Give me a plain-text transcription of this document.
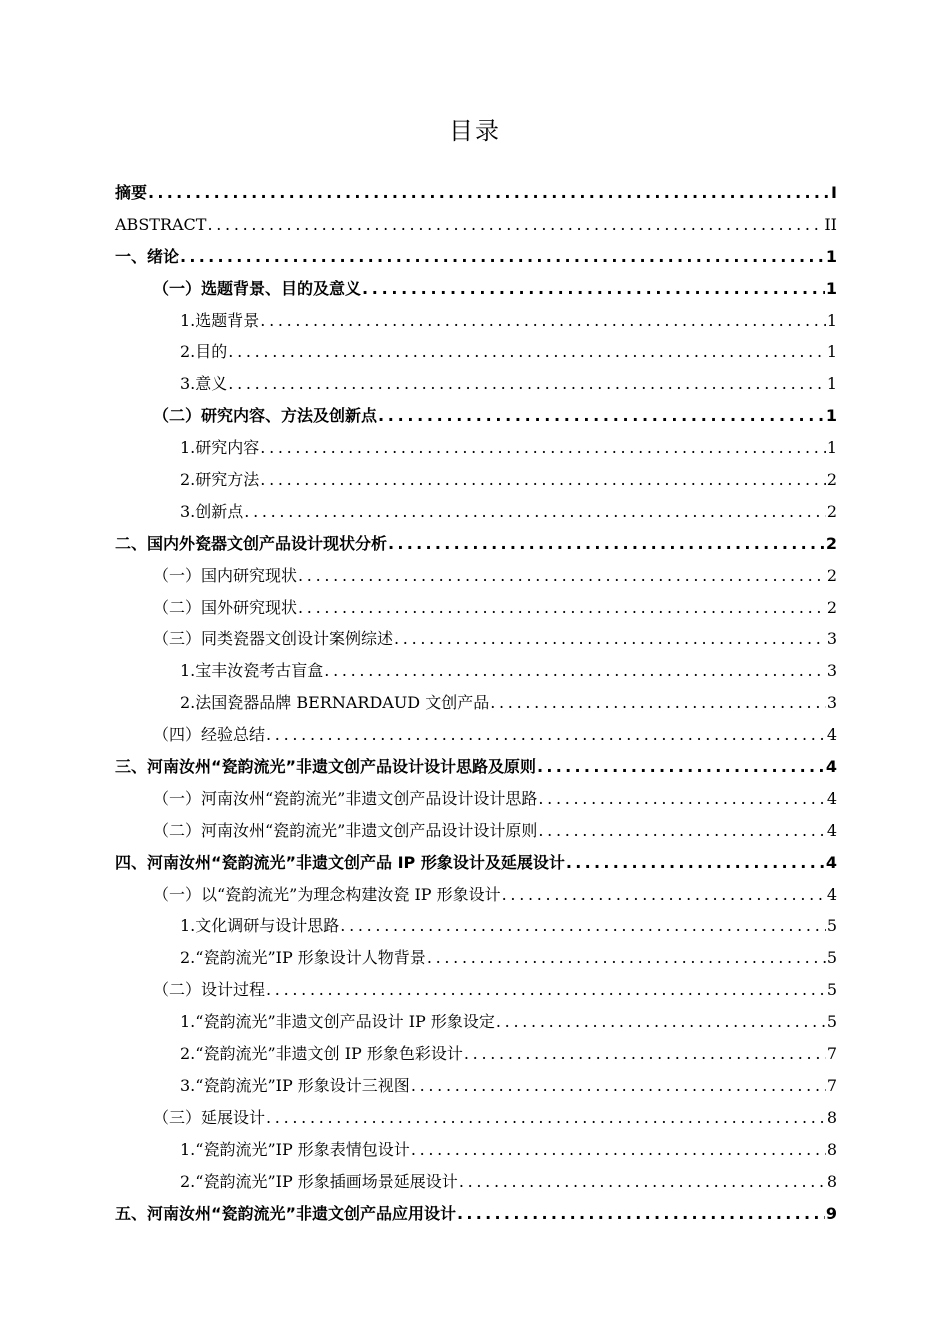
目录
摘要 .....	I
ABSTRACT .....	II
一、绪论 .....	1
（一）选题背景、目的及意义 .....	1
1.选题背景 .....	1
2.目的 .....	1
3.意义 .....	1
（二）研究内容、方法及创新点 .....	1
1.研究内容 .....	1
2.研究方法 .....	2
3.创新点 .....	2
二、国内外瓷器文创产品设计现状分析 .....	2
（一）国内研究现状 .....	2
（二）国外研究现状 .....	2
（三）同类瓷器文创设计案例综述 .....	3
1.宝丰汝瓷考古盲盒 .....	3
2.法国瓷器品牌 BERNARDAUD 文创产品 .....	3
（四）经验总结 .....	4
三、河南汝州“瓷韵流光”非遗文创产品设计设计思路及原则 .....	4
（一）河南汝州“瓷韵流光”非遗文创产品设计设计思路 .....	4
（二）河南汝州“瓷韵流光”非遗文创产品设计设计原则 .....	4
四、河南汝州“瓷韵流光”非遗文创产品 IP 形象设计及延展设计 .....	4
（一）以“瓷韵流光”为理念构建汝瓷 IP 形象设计 .....	4
1.文化调研与设计思路 .....	5
2.“瓷韵流光”IP 形象设计人物背景 .....	5
（二）设计过程 .....	5
1.“瓷韵流光”非遗文创产品设计 IP 形象设定 .....	5
2.“瓷韵流光”非遗文创 IP 形象色彩设计 .....	7
3.“瓷韵流光”IP 形象设计三视图 .....	7
（三）延展设计 .....	8
1.“瓷韵流光”IP 形象表情包设计 .....	8
2.“瓷韵流光”IP 形象插画场景延展设计 .....	8
五、河南汝州“瓷韵流光”非遗文创产品应用设计 .....	9
